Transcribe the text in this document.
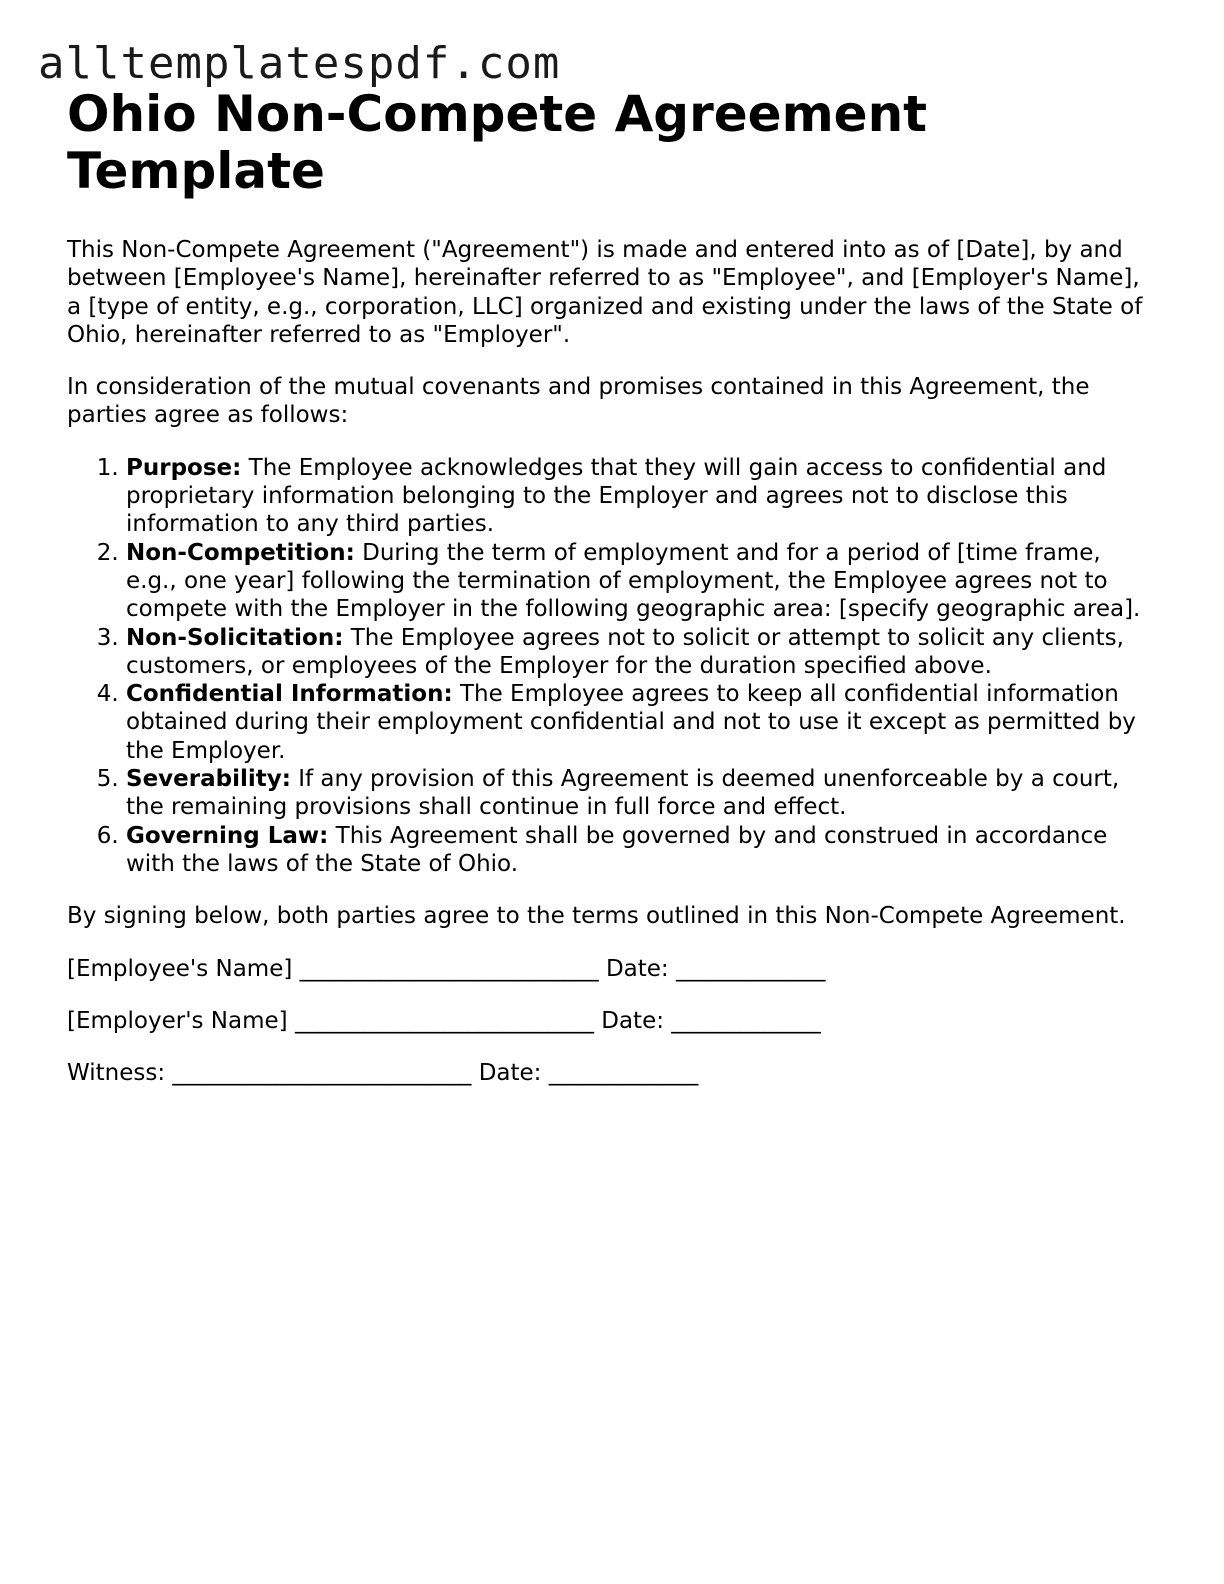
alltemplatespdf.com
Ohio Non-Compete Agreement Template

This Non-Compete Agreement ("Agreement") is made and entered into as of [Date], by and between [Employee's Name], hereinafter referred to as "Employee", and [Employer's Name], a [type of entity, e.g., corporation, LLC] organized and existing under the laws of the State of Ohio, hereinafter referred to as "Employer".

In consideration of the mutual covenants and promises contained in this Agreement, the parties agree as follows:

1. Purpose: The Employee acknowledges that they will gain access to confidential and proprietary information belonging to the Employer and agrees not to disclose this information to any third parties.
2. Non-Competition: During the term of employment and for a period of [time frame, e.g., one year] following the termination of employment, the Employee agrees not to compete with the Employer in the following geographic area: [specify geographic area].
3. Non-Solicitation: The Employee agrees not to solicit or attempt to solicit any clients, customers, or employees of the Employer for the duration specified above.
4. Confidential Information: The Employee agrees to keep all confidential information obtained during their employment confidential and not to use it except as permitted by the Employer.
5. Severability: If any provision of this Agreement is deemed unenforceable by a court, the remaining provisions shall continue in full force and effect.
6. Governing Law: This Agreement shall be governed by and construed in accordance with the laws of the State of Ohio.

By signing below, both parties agree to the terms outlined in this Non-Compete Agreement.

[Employee's Name] __________________________ Date: _____________

[Employer's Name] __________________________ Date: _____________

Witness: __________________________ Date: _____________
